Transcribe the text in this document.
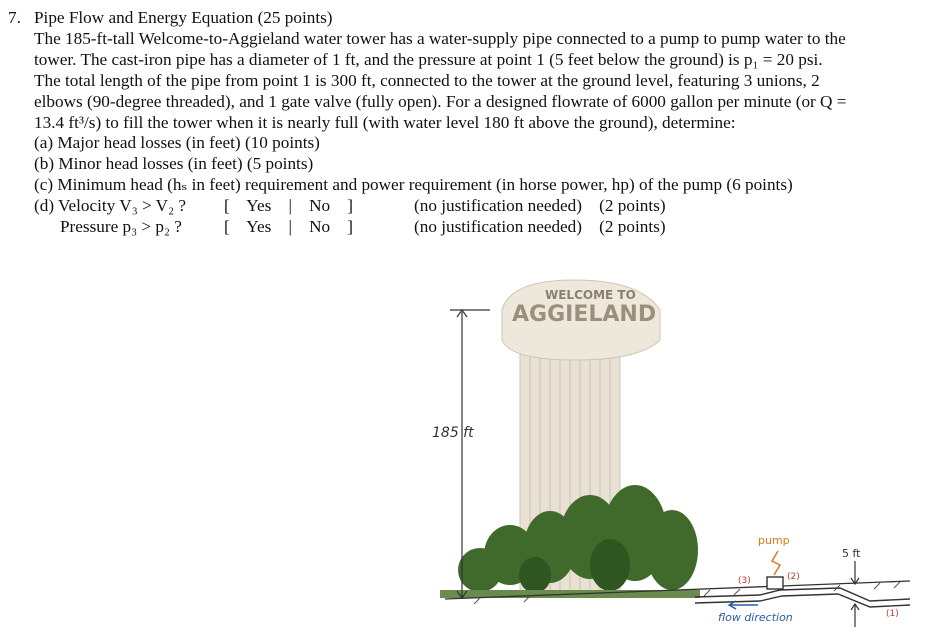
7. Pipe Flow and Energy Equation (25 points)
The 185-ft-tall Welcome-to-Aggieland water tower has a water-supply pipe connected to a pump to pump water to the
tower. The cast-iron pipe has a diameter of 1 ft, and the pressure at point 1 (5 feet below the ground) is p₁ = 20 psi.
The total length of the pipe from point 1 is 300 ft, connected to the tower at the ground level, featuring 3 unions, 2
elbows (90-degree threaded), and 1 gate valve (fully open). For a designed flowrate of 6000 gallon per minute (or Q =
13.4 ft³/s) to fill the tower when it is nearly full (with water level 180 ft above the ground), determine:
(a) Major head losses (in feet) (10 points)
(b) Minor head losses (in feet) (5 points)
(c) Minimum head (hₛ in feet) requirement and power requirement (in horse power, hp) of the pump (6 points)
(d) Velocity V₃ > V₂ ? [    Yes    |    No    ]	(no justification needed)    (2 points)
Pressure p₃ > p₂ ? [    Yes    |    No    ]	(no justification needed)    (2 points)
WELCOME TO
AGGIELAND
185 ft
pump
(3)	(2)
5 ft
(1)
flow direction
